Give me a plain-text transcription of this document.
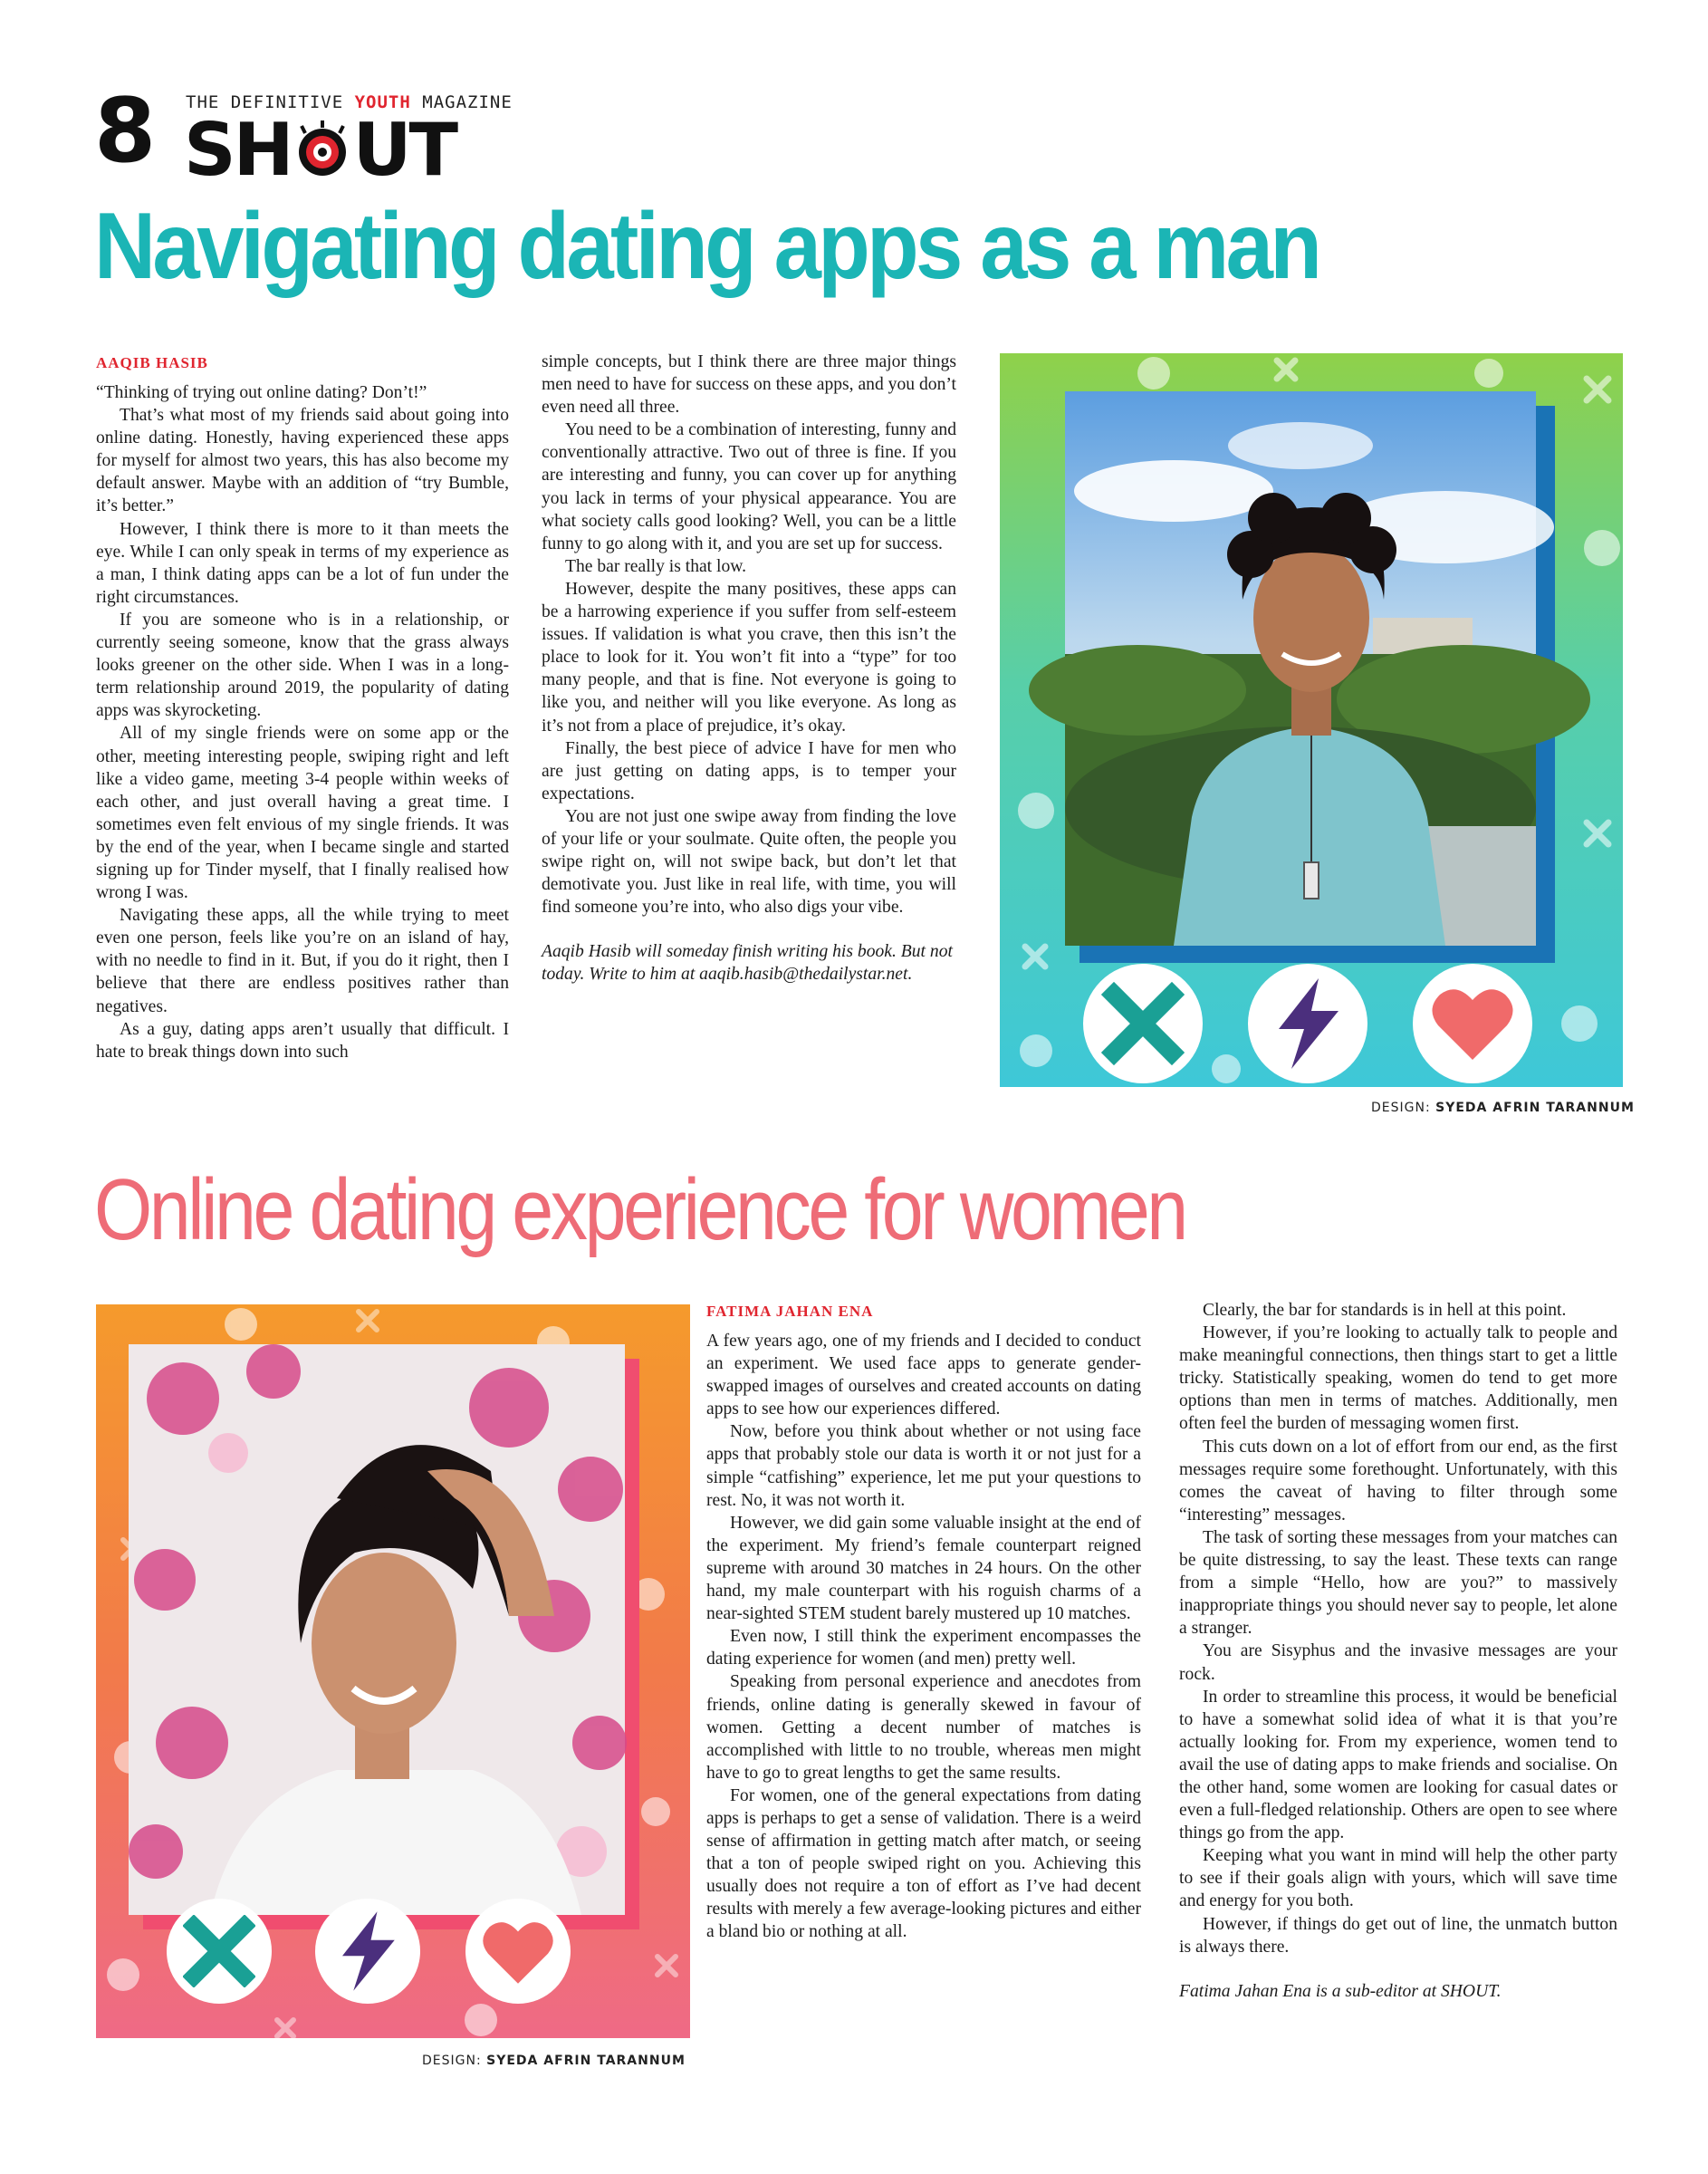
8 THE DEFINITIVE YOUTH MAGAZINE
SH UT
Navigating dating apps as a man
AAQIB HASIB

“Thinking of trying out online dating? Don’t!”

That’s what most of my friends said about going into online dating. Honestly, having experienced these apps for myself for almost two years, this has also become my default answer. Maybe with an addition of “try Bumble, it’s better.”

However, I think there is more to it than meets the eye. While I can only speak in terms of my experience as a man, I think dating apps can be a lot of fun under the right circumstances.

If you are someone who is in a relationship, or currently seeing someone, know that the grass always looks greener on the other side. When I was in a long-term relationship around 2019, the popularity of dating apps was skyrocketing.

All of my single friends were on some app or the other, meeting interesting people, swiping right and left like a video game, meeting 3-4 people within weeks of each other, and just overall having a great time. I sometimes even felt envious of my single friends. It was by the end of the year, when I became single and started signing up for Tinder myself, that I finally realised how wrong I was.

Navigating these apps, all the while trying to meet even one person, feels like you’re on an island of hay, with no needle to find in it. But, if you do it right, then I believe that there are endless positives rather than negatives.

As a guy, dating apps aren’t usually that difficult. I hate to break things down into such

simple concepts, but I think there are three major things men need to have for success on these apps, and you don’t even need all three.

You need to be a combination of interesting, funny and conventionally attractive. Two out of three is fine. If you are interesting and funny, you can cover up for anything you lack in terms of your physical appearance. You are what society calls good looking? Well, you can be a little funny to go along with it, and you are set up for success.

The bar really is that low.

However, despite the many positives, these apps can be a harrowing experience if you suffer from self-esteem issues. If validation is what you crave, then this isn’t the place to look for it. You won’t fit into a “type” for too many people, and that is fine. Not everyone is going to like you, and neither will you like everyone. As long as it’s not from a place of prejudice, it’s okay.

Finally, the best piece of advice I have for men who are just getting on dating apps, is to temper your expectations.

You are not just one swipe away from finding the love of your life or your soulmate. Quite often, the people you swipe right on, will not swipe back, but don’t let that demotivate you. Just like in real life, with time, you will find someone you’re into, who also digs your vibe.

Aaqib Hasib will someday finish writing his book. But not today. Write to him at aaqib.hasib@thedailystar.net.

DESIGN: SYEDA AFRIN TARANNUM
Online dating experience for women
DESIGN: SYEDA AFRIN TARANNUM
FATIMA JAHAN ENA

A few years ago, one of my friends and I decided to conduct an experiment. We used face apps to generate gender-swapped images of ourselves and created accounts on dating apps to see how our experiences differed.

Now, before you think about whether or not using face apps that probably stole our data is worth it or not just for a simple “catfishing” experience, let me put your questions to rest. No, it was not worth it.

However, we did gain some valuable insight at the end of the experiment. My friend’s female counterpart reigned supreme with around 30 matches in 24 hours. On the other hand, my male counterpart with his roguish charms of a near-sighted STEM student barely mustered up 10 matches.

Even now, I still think the experiment encompasses the dating experience for women (and men) pretty well.

Speaking from personal experience and anecdotes from friends, online dating is generally skewed in favour of women. Getting a decent number of matches is accomplished with little to no trouble, whereas men might have to go to great lengths to get the same results.

For women, one of the general expectations from dating apps is perhaps to get a sense of validation. There is a weird sense of affirmation in getting match after match, or seeing that a ton of people swiped right on you. Achieving this usually does not require a ton of effort as I’ve had decent results with merely a few average-looking pictures and either a bland bio or nothing at all.

Clearly, the bar for standards is in hell at this point.

However, if you’re looking to actually talk to people and make meaningful connections, then things start to get a little tricky. Statistically speaking, women do tend to get more options than men in terms of matches. Additionally, men often feel the burden of messaging women first.

This cuts down on a lot of effort from our end, as the first messages require some forethought. Unfortunately, with this comes the caveat of having to filter through some “interesting” messages.

The task of sorting these messages from your matches can be quite distressing, to say the least. These texts can range from a simple “Hello, how are you?” to massively inappropriate things you should never say to people, let alone a stranger.

You are Sisyphus and the invasive messages are your rock.

In order to streamline this process, it would be beneficial to have a somewhat solid idea of what it is that you’re actually looking for. From my experience, women tend to avail the use of dating apps to make friends and socialise. On the other hand, some women are looking for casual dates or even a full-fledged relationship. Others are open to see where things go from the app.

Keeping what you want in mind will help the other party to see if their goals align with yours, which will save time and energy for you both.

However, if things do get out of line, the unmatch button is always there.

Fatima Jahan Ena is a sub-editor at SHOUT.
